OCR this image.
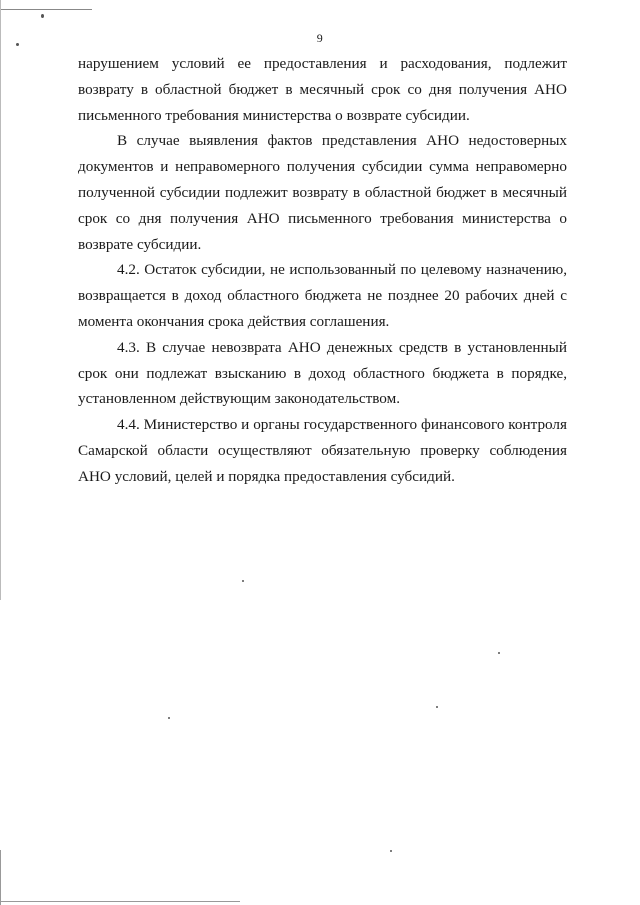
9
нарушением условий ее предоставления и расходования, подлежит
возврату в областной бюджет в месячный срок со дня получения АНО
письменного требования министерства о возврате субсидии.
В случае выявления фактов представления АНО недостоверных
документов и неправомерного получения субсидии сумма неправомерно
полученной субсидии подлежит возврату в областной бюджет в месячный
срок со дня получения АНО письменного требования министерства о
возврате субсидии.
4.2. Остаток субсидии, не использованный по целевому назначению,
возвращается в доход областного бюджета не позднее 20 рабочих дней с
момента окончания срока действия соглашения.
4.3. В случае невозврата АНО денежных средств в установленный
срок они подлежат взысканию в доход областного бюджета в порядке,
установленном действующим законодательством.
4.4. Министерство и органы государственного финансового контроля
Самарской области осуществляют обязательную проверку соблюдения
АНО условий, целей и порядка предоставления субсидий.
